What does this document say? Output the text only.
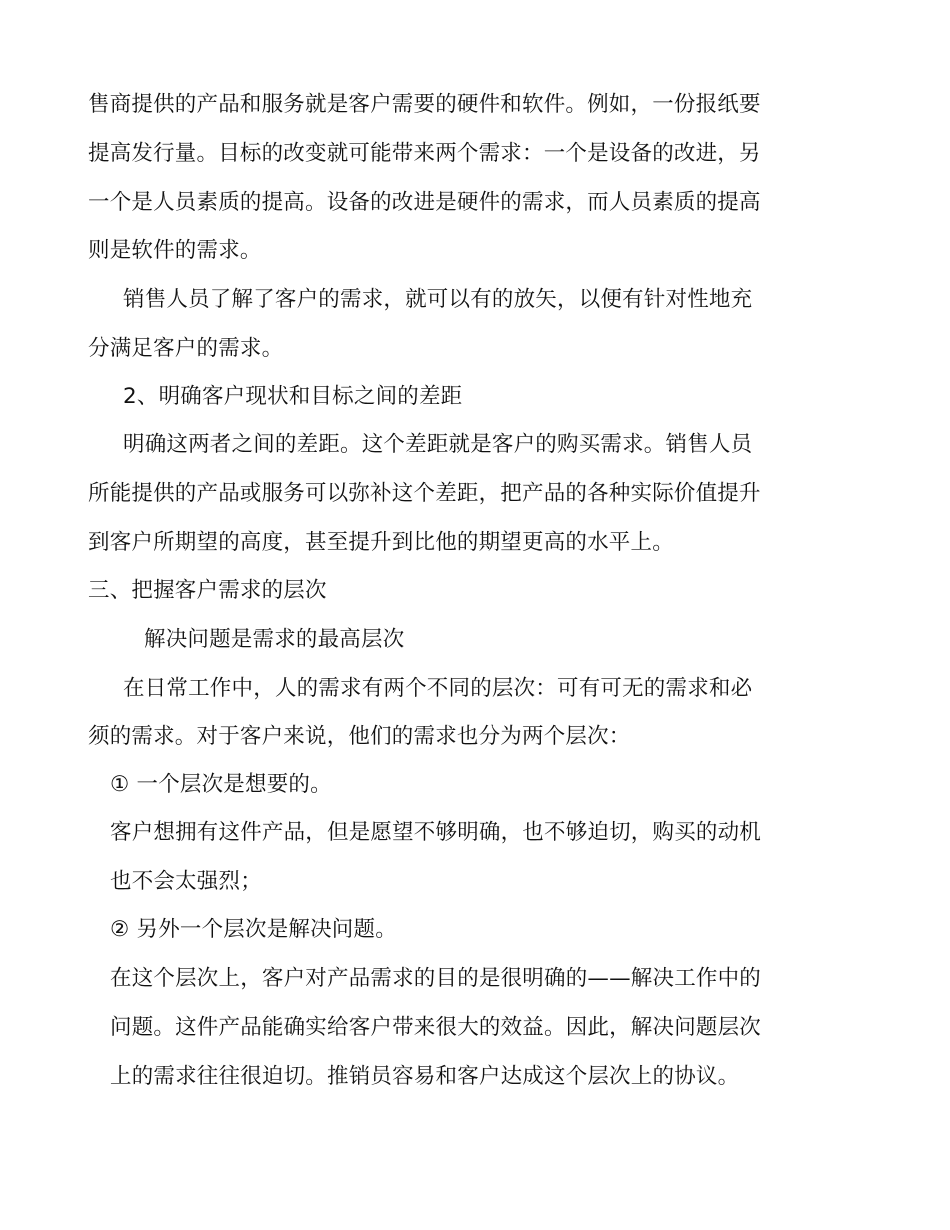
售商提供的产品和服务就是客户需要的硬件和软件。例如，一份报纸要
提高发行量。目标的改变就可能带来两个需求：一个是设备的改进，另
一个是人员素质的提高。设备的改进是硬件的需求，而人员素质的提高
则是软件的需求。
销售人员了解了客户的需求，就可以有的放矢，以便有针对性地充
分满足客户的需求。
2、明确客户现状和目标之间的差距
明确这两者之间的差距。这个差距就是客户的购买需求。销售人员
所能提供的产品或服务可以弥补这个差距，把产品的各种实际价值提升
到客户所期望的高度，甚至提升到比他的期望更高的水平上。
三、把握客户需求的层次
解决问题是需求的最高层次
在日常工作中，人的需求有两个不同的层次：可有可无的需求和必
须的需求。对于客户来说，他们的需求也分为两个层次：
① 一个层次是想要的。
客户想拥有这件产品，但是愿望不够明确，也不够迫切，购买的动机
也不会太强烈；
② 另外一个层次是解决问题。
在这个层次上，客户对产品需求的目的是很明确的——解决工作中的
问题。这件产品能确实给客户带来很大的效益。因此，解决问题层次
上的需求往往很迫切。推销员容易和客户达成这个层次上的协议。
